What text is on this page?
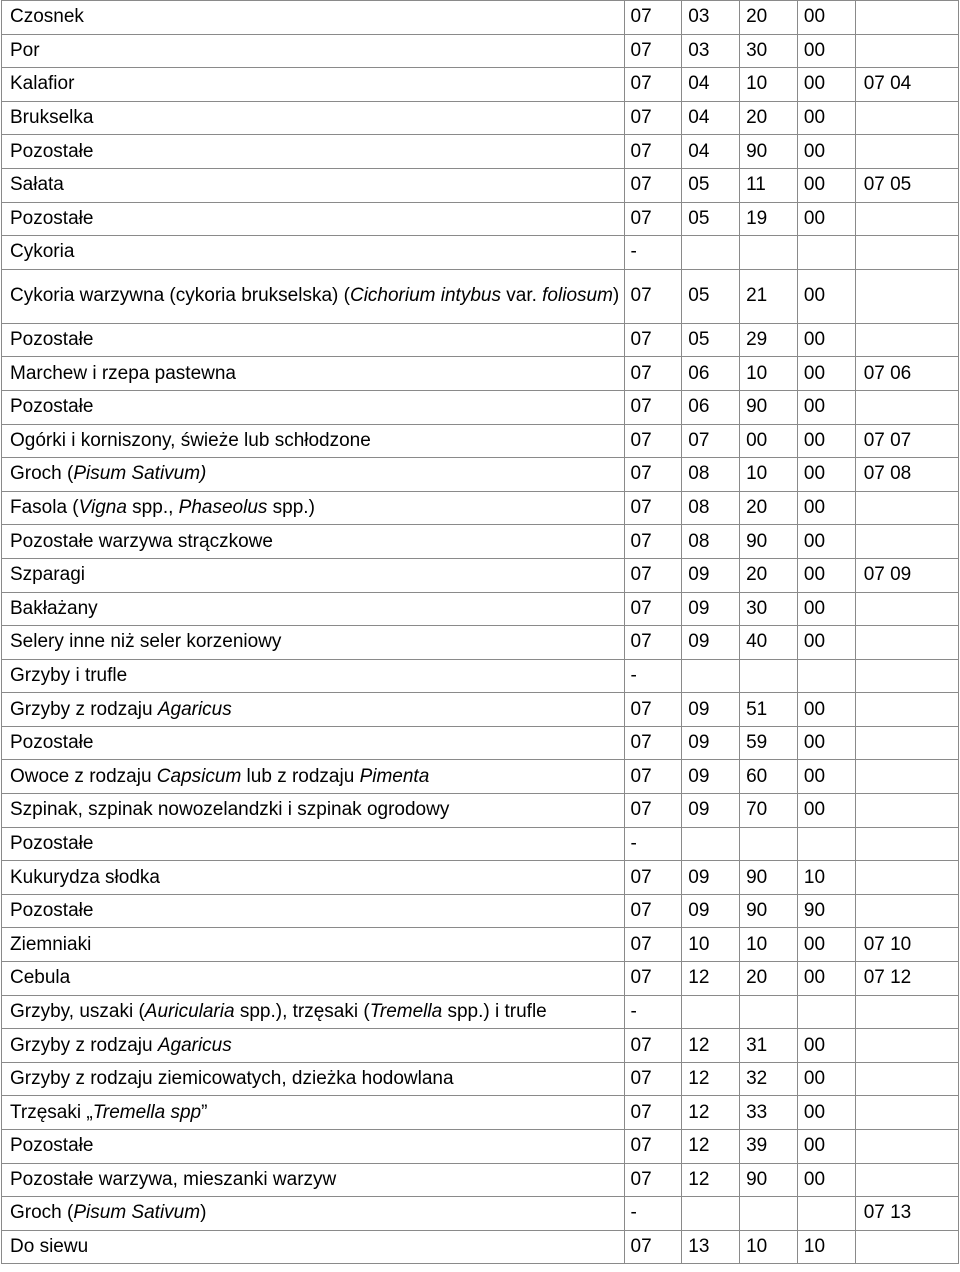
Czosnek	07	03	20	00	
Por	07	03	30	00	
Kalafior	07	04	10	00	07 04
Brukselka	07	04	20	00	
Pozostałe	07	04	90	00	
Sałata	07	05	11	00	07 05
Pozostałe	07	05	19	00	
Cykoria	-				
Cykoria warzywna (cykoria brukselska) (Cichorium intybus var. foliosum)	07	05	21	00	
Pozostałe	07	05	29	00	
Marchew i rzepa pastewna	07	06	10	00	07 06
Pozostałe	07	06	90	00	
Ogórki i korniszony, świeże lub schłodzone	07	07	00	00	07 07
Groch (Pisum Sativum)	07	08	10	00	07 08
Fasola (Vigna spp., Phaseolus spp.)	07	08	20	00	
Pozostałe warzywa strączkowe	07	08	90	00	
Szparagi	07	09	20	00	07 09
Bakłażany	07	09	30	00	
Selery inne niż seler korzeniowy	07	09	40	00	
Grzyby i trufle	-				
Grzyby z rodzaju Agaricus	07	09	51	00	
Pozostałe	07	09	59	00	
Owoce z rodzaju Capsicum lub z rodzaju Pimenta	07	09	60	00	
Szpinak, szpinak nowozelandzki i szpinak ogrodowy	07	09	70	00	
Pozostałe	-				
Kukurydza słodka	07	09	90	10	
Pozostałe	07	09	90	90	
Ziemniaki	07	10	10	00	07 10
Cebula	07	12	20	00	07 12
Grzyby, uszaki (Auricularia spp.), trzęsaki (Tremella spp.) i trufle	-				
Grzyby z rodzaju Agaricus	07	12	31	00	
Grzyby z rodzaju ziemicowatych, dzieżka hodowlana	07	12	32	00	
Trzęsaki „Tremella spp”	07	12	33	00	
Pozostałe	07	12	39	00	
Pozostałe warzywa, mieszanki warzyw	07	12	90	00	
Groch (Pisum Sativum)	-				07 13
Do siewu	07	13	10	10	
